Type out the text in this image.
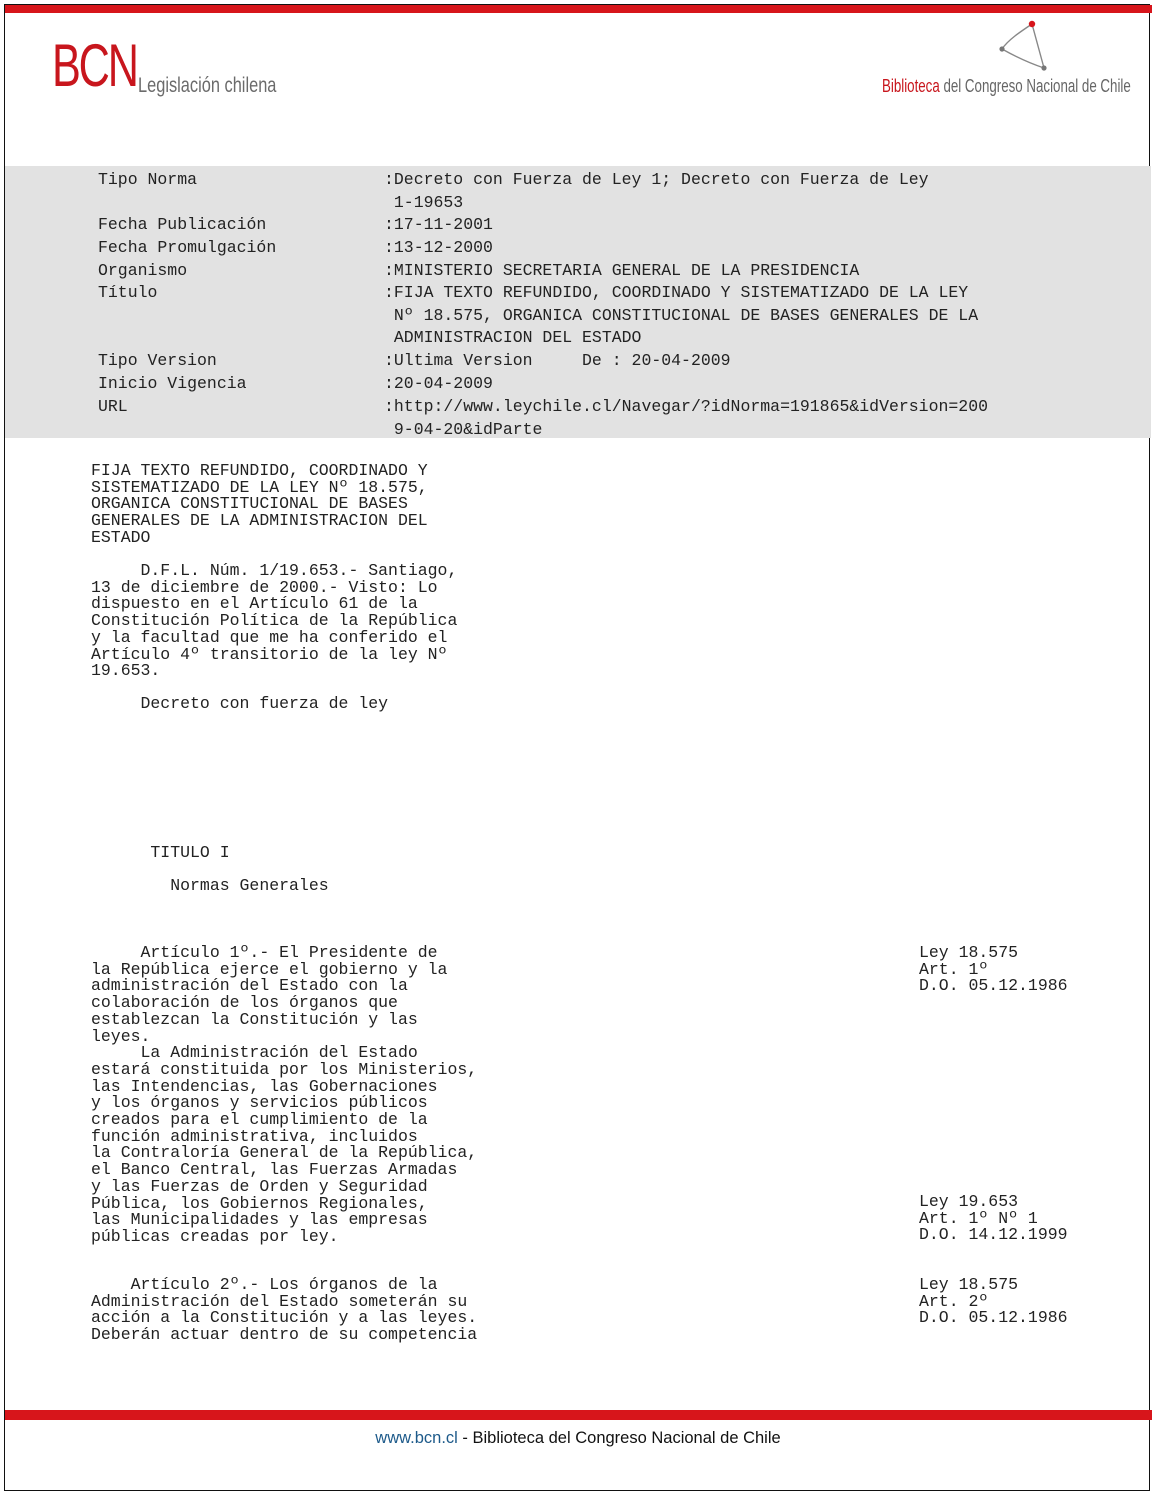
BCN Legislación chilena	Biblioteca del Congreso Nacional de Chile

Tipo Norma

	:Decreto con Fuerza de Ley 1; Decreto con Fuerza de Ley
1-19653

Fecha Publicación

	:17-11-2001

Fecha Promulgación

	:13-12-2000

Organismo

	:MINISTERIO SECRETARIA GENERAL DE LA PRESIDENCIA

Título

	:FIJA TEXTO REFUNDIDO, COORDINADO Y SISTEMATIZADO DE LA LEY
Nº 18.575, ORGANICA CONSTITUCIONAL DE BASES GENERALES DE LA
ADMINISTRACION DEL ESTADO

Tipo Version

	:Ultima Version     De : 20-04-2009

Inicio Vigencia

	:20-04-2009

URL

	:http://www.leychile.cl/Navegar/?idNorma=191865&idVersion=200
9-04-20&idParte

FIJA TEXTO REFUNDIDO, COORDINADO Y
SISTEMATIZADO DE LA LEY Nº 18.575,
ORGANICA CONSTITUCIONAL DE BASES
GENERALES DE LA ADMINISTRACION DEL
ESTADO
D.F.L. Núm. 1/19.653.- Santiago,
13 de diciembre de 2000.- Visto: Lo
dispuesto en el Artículo 61 de la
Constitución Política de la República
y la facultad que me ha conferido el
Artículo 4º transitorio de la ley Nº
19.653.
Decreto con fuerza de ley
TITULO I
Normas Generales
Artículo 1º.- El Presidente de
la República ejerce el gobierno y la
administración del Estado con la
colaboración de los órganos que
establezcan la Constitución y las
leyes.
La Administración del Estado
estará constituida por los Ministerios,
las Intendencias, las Gobernaciones
y los órganos y servicios públicos
creados para el cumplimiento de la
función administrativa, incluidos
la Contraloría General de la República,
el Banco Central, las Fuerzas Armadas
y las Fuerzas de Orden y Seguridad
Pública, los Gobiernos Regionales,
las Municipalidades y las empresas
públicas creadas por ley.
Ley 18.575
Art. 1º
D.O. 05.12.1986
Ley 19.653
Art. 1º Nº 1
D.O. 14.12.1999
Artículo 2º.- Los órganos de la
Administración del Estado someterán su
acción a la Constitución y a las leyes.
Deberán actuar dentro de su competencia
Ley 18.575
Art. 2º
D.O. 05.12.1986
www.bcn.cl - Biblioteca del Congreso Nacional de Chile
